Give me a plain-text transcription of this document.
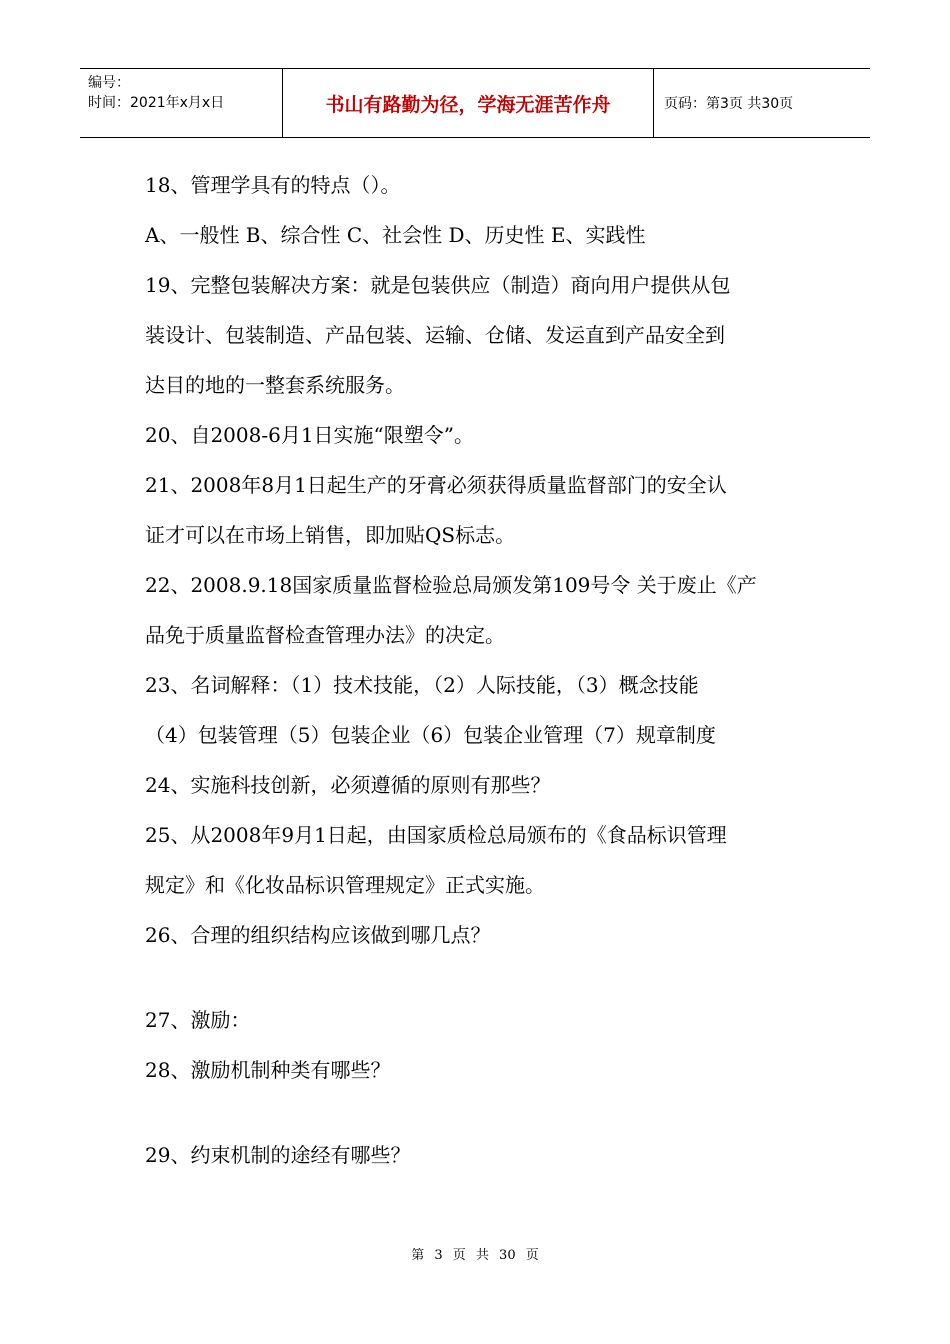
编号：
时间：2021年x月x日	书山有路勤为径，学海无涯苦作舟	页码：第3页 共30页
18、管理学具有的特点（）。
A、一般性 B、综合性 C、社会性 D、历史性 E、实践性
19、完整包装解决方案：就是包装供应（制造）商向用户提供从包
装设计、包装制造、产品包装、运输、仓储、发运直到产品安全到
达目的地的一整套系统服务。
20、自2008-6月1日实施“限塑令”。
21、2008年8月1日起生产的牙膏必须获得质量监督部门的安全认
证才可以在市场上销售，即加贴QS标志。
22、2008.9.18国家质量监督检验总局颁发第109号令 关于废止《产
品免于质量监督检查管理办法》的决定。
23、名词解释：（1）技术技能，（2）人际技能，（3）概念技能
（4）包装管理（5）包装企业（6）包装企业管理（7）规章制度
24、实施科技创新，必须遵循的原则有那些？
25、从2008年9月1日起，由国家质检总局颁布的《食品标识管理
规定》和《化妆品标识管理规定》正式实施。
26、合理的组织结构应该做到哪几点？
27、激励：
28、激励机制种类有哪些？
29、约束机制的途经有哪些？
第 3 页 共 30 页
